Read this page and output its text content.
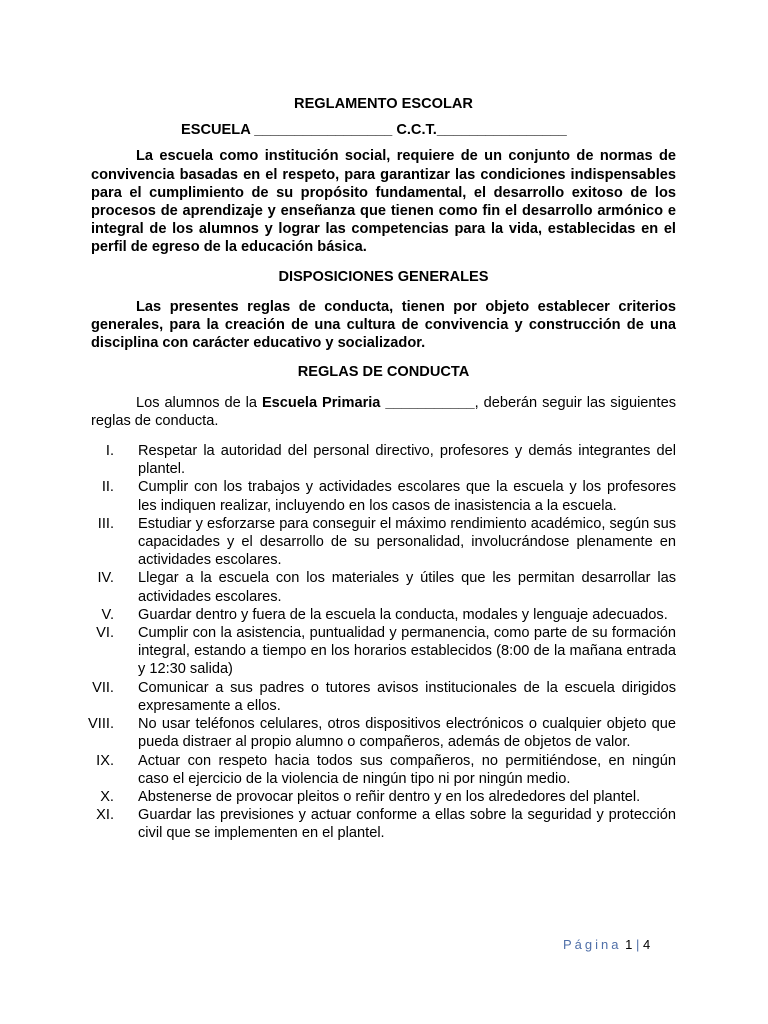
REGLAMENTO ESCOLAR
ESCUELA _________________ C.C.T.________________

La escuela como institución social, requiere de un conjunto de normas de convivencia basadas en el respeto, para garantizar las condiciones indispensables para el cumplimiento de su propósito fundamental, el desarrollo exitoso de los procesos de aprendizaje y enseñanza que tienen como fin el desarrollo armónico e integral de los alumnos y lograr las competencias para la vida, establecidas en el perfil de egreso de la educación básica.

DISPOSICIONES GENERALES

Las presentes reglas de conducta, tienen por objeto establecer criterios generales, para la creación de una cultura de convivencia y construcción de una disciplina con carácter educativo y socializador.

REGLAS DE CONDUCTA

Los alumnos de la Escuela Primaria ___________, deberán seguir las siguientes reglas de conducta.

I. Respetar la autoridad del personal directivo, profesores y demás integrantes del plantel.
II. Cumplir con los trabajos y actividades escolares que la escuela y los profesores les indiquen realizar, incluyendo en los casos de inasistencia a la escuela.
III. Estudiar y esforzarse para conseguir el máximo rendimiento académico, según sus capacidades y el desarrollo de su personalidad, involucrándose plenamente en actividades escolares.
IV. Llegar a la escuela con los materiales y útiles que les permitan desarrollar las actividades escolares.
V. Guardar dentro y fuera de la escuela la conducta, modales y lenguaje adecuados.
VI. Cumplir con la asistencia, puntualidad y permanencia, como parte de su formación integral, estando a tiempo en los horarios establecidos (8:00 de la mañana entrada y 12:30 salida)
VII. Comunicar a sus padres o tutores avisos institucionales de la escuela dirigidos expresamente a ellos.
VIII. No usar teléfonos celulares, otros dispositivos electrónicos o cualquier objeto que pueda distraer al propio alumno o compañeros, además de objetos de valor.
IX. Actuar con respeto hacia todos sus compañeros, no permitiéndose, en ningún caso el ejercicio de la violencia de ningún tipo ni por ningún medio.
X. Abstenerse de provocar pleitos o reñir dentro y en los alrededores del plantel.
XI. Guardar las previsiones y actuar conforme a ellas sobre la seguridad y protección civil que se implementen en el plantel.
Página 1 | 4
